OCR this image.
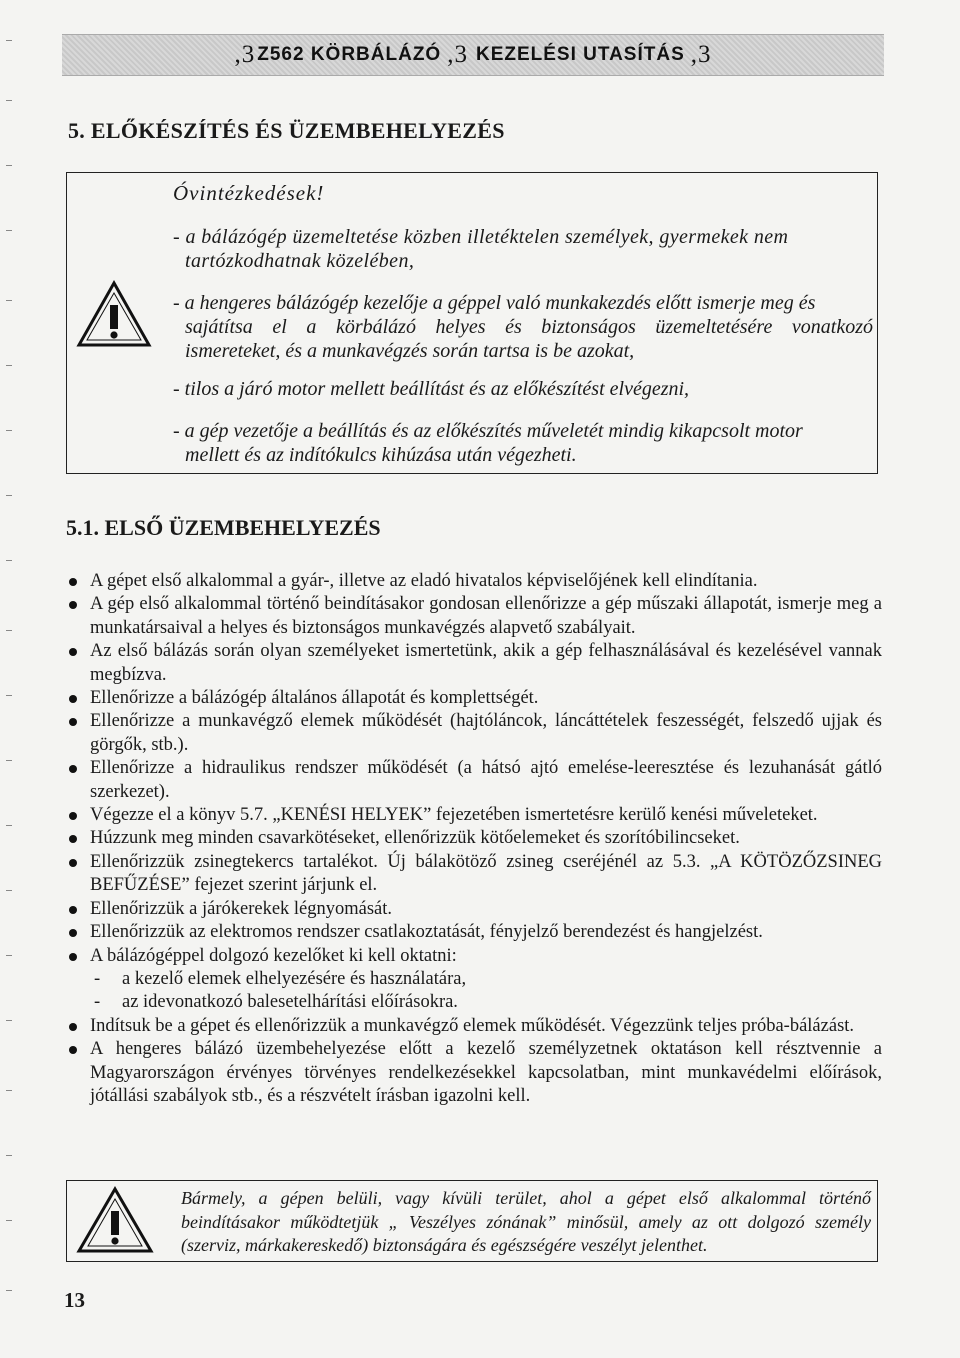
,3 Z562 KÖRBÁLÁZÓ ,3 KEZELÉSI UTASÍTÁS ,3
5. ELŐKÉSZÍTÉS ÉS ÜZEMBEHELYEZÉS
Óvintézkedések!
- a bálázógép üzemeltetése közben illetéktelen személyek, gyermekek nem
tartózkodhatnak közelében,
- a hengeres bálázógép kezelője a géppel való munkakezdés előtt ismerje meg és
sajátítsa el a körbálázó helyes és biztonságos üzemeltetésére vonatkozó
ismereteket, és a munkavégzés során tartsa is be azokat,
- tilos a járó motor mellett beállítást és az előkészítést elvégezni,
- a gép vezetője a beállítás és az előkészítés műveletét mindig kikapcsolt motor
mellett és az indítókulcs kihúzása után végezheti.
5.1. ELSŐ ÜZEMBEHELYEZÉS
A gépet első alkalommal a gyár-, illetve az eladó hivatalos képviselőjének kell elindítania.
A gép első alkalommal történő beindításakor gondosan ellenőrizze a gép műszaki állapotát, ismerje meg a munkatársaival a helyes és biztonságos munkavégzés alapvető szabályait.
Az első bálázás során olyan személyeket ismertetünk, akik a gép felhasználásával és kezelésével vannak megbízva.
Ellenőrizze a bálázógép általános állapotát és komplettségét.
Ellenőrizze a munkavégző elemek működését (hajtóláncok, láncáttételek feszességét, felszedő ujjak és görgők, stb.).
Ellenőrizze a hidraulikus rendszer működését (a hátsó ajtó emelése-leeresztése és lezuhanását gátló szerkezet).
Végezze el a könyv 5.7. „KENÉSI HELYEK” fejezetében ismertetésre kerülő kenési műveleteket.
Húzzunk meg minden csavarkötéseket, ellenőrizzük kötőelemeket és szorítóbilincseket.
Ellenőrizzük zsinegtekercs tartalékot. Új bálakötöző zsineg cseréjénél az 5.3. „A KÖTÖZŐZSINEG BEFŰZÉSE” fejezet szerint járjunk el.
Ellenőrizzük a járókerekek légnyomását.
Ellenőrizzük az elektromos rendszer csatlakoztatását, fényjelző berendezést és hangjelzést.
A bálázógéppel dolgozó kezelőket ki kell oktatni:
-	a kezelő elemek elhelyezésére és használatára,
-	az idevonatkozó balesetelhárítási előírásokra.
Indítsuk be a gépet és ellenőrizzük a munkavégző elemek működését. Végezzünk teljes próba-bálázást.
A hengeres bálázó üzembehelyezése előtt a kezelő személyzetnek oktatáson kell résztvennie a Magyarországon érvényes törvényes rendelkezésekkel kapcsolatban, mint munkavédelmi előírások, jótállási szabályok stb., és a részvételt írásban igazolni kell.
Bármely, a gépen belüli, vagy kívüli terület, ahol a gépet első alkalommal történő beindításakor működtetjük „ Veszélyes zónának” minősül, amely az ott dolgozó személy (szerviz, márkakereskedő) biztonságára és egészségére veszélyt jelenthet.
13
